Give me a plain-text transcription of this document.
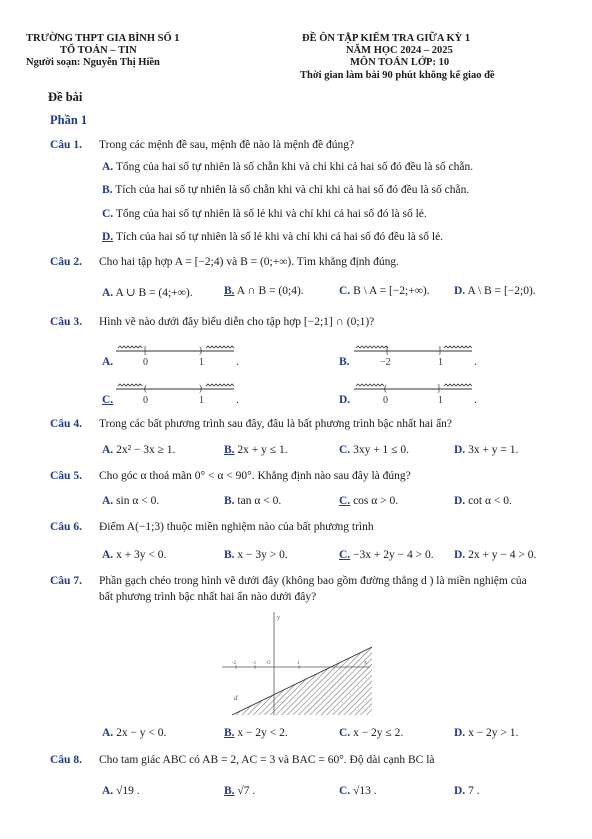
TRƯỜNG THPT GIA BÌNH SỐ 1
TỔ TOÁN – TIN
Người soạn: Nguyễn Thị Hiền
ĐỀ ÔN TẬP KIỂM TRA GIỮA KỲ 1
NĂM HỌC 2024 – 2025
MÔN TOÁN LỚP: 10
Thời gian làm bài 90 phút không kể giao đề
Đề bài
Phần 1
Câu 1. Trong các mệnh đề sau, mệnh đề nào là mệnh đề đúng?
A. Tổng của hai số tự nhiên là số chẵn khi và chỉ khi cả hai số đó đều là số chẵn.
B. Tích của hai số tự nhiên là số chẵn khi và chỉ khi cả hai số đó đều là số chẵn.
C. Tổng của hai số tự nhiên là số lẻ khi và chỉ khi cả hai số đó là số lẻ.
D. Tích của hai số tự nhiên là số lẻ khi và chỉ khi cả hai số đó đều là số lẻ.
Câu 2. Cho hai tập hợp A = [−2;4) và B = (0;+∞). Tìm khẳng định đúng.
A. A ∪ B = (4;+∞).	B. A ∩ B = (0;4).	C. B \ A = [−2;+∞). D. A \ B = [−2;0).
Câu 3. Hình vẽ nào dưới đây biểu diễn cho tập hợp [−2;1] ∩ (0;1)?
A.
[	)
0	1	.	B.
[	]
−2	1	.
C.
(	)
0	1	.	D.
(	]
0	1	.
Câu 4. Trong các bất phương trình sau đây, đâu là bất phương trình bậc nhất hai ẩn?
A. 2x² − 3x ≥ 1.	B. 2x + y ≤ 1.	C. 3xy + 1 ≤ 0.	D. 3x + y = 1.
Câu 5. Cho góc α thoả mãn 0° < α < 90°. Khẳng định nào sau đây là đúng?
A. sin α < 0.	B. tan α < 0.	C. cos α > 0.	D. cot α < 0.
Câu 6. Điểm A(−1;3) thuộc miền nghiệm nào của bất phương trình
A. x + 3y < 0.	B. x − 3y > 0.	C. −3x + 2y − 4 > 0. D. 2x + y − 4 > 0.
Câu 7. Phần gạch chéo trong hình vẽ dưới đây (không bao gồm đường thẳng d ) là miền nghiệm của
bất phương trình bậc nhất hai ẩn nào dưới đây?
y
x
-2	-1 O	1
d
A. 2x − y < 0.	B. x − 2y < 2.	C. x − 2y ≤ 2.	D. x − 2y > 1.
Câu 8. Cho tam giác ABC có AB = 2, AC = 3 và BAC = 60°. Độ dài cạnh BC là
A. √19 .	B. √7 .	C. √13 .	D. 7 .
